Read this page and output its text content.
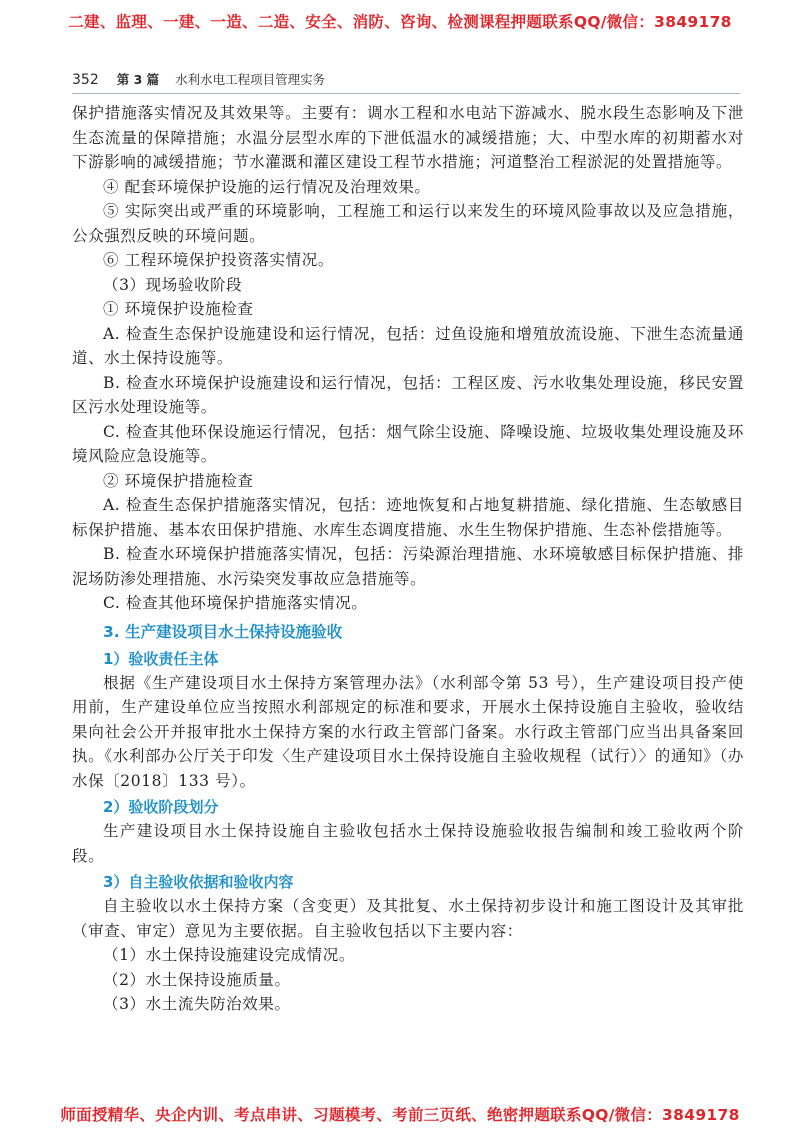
二建、监理、一建、一造、二造、安全、消防、咨询、检测课程押题联系QQ/微信：3849178
352 第 3 篇 水利水电工程项目管理实务

保护措施落实情况及其效果等。主要有：调水工程和水电站下游减水、脱水段生态影响及下泄生态流量的保障措施；水温分层型水库的下泄低温水的减缓措施；大、中型水库的初期蓄水对下游影响的减缓措施；节水灌溉和灌区建设工程节水措施；河道整治工程淤泥的处置措施等。

④ 配套环境保护设施的运行情况及治理效果。

⑤ 实际突出或严重的环境影响，工程施工和运行以来发生的环境风险事故以及应急措施，公众强烈反映的环境问题。

⑥ 工程环境保护投资落实情况。

（3）现场验收阶段

① 环境保护设施检查

A. 检查生态保护设施建设和运行情况，包括：过鱼设施和增殖放流设施、下泄生态流量通道、水土保持设施等。

B. 检查水环境保护设施建设和运行情况，包括：工程区废、污水收集处理设施，移民安置区污水处理设施等。

C. 检查其他环保设施运行情况，包括：烟气除尘设施、降噪设施、垃圾收集处理设施及环境风险应急设施等。

② 环境保护措施检查

A. 检查生态保护措施落实情况，包括：迹地恢复和占地复耕措施、绿化措施、生态敏感目标保护措施、基本农田保护措施、水库生态调度措施、水生生物保护措施、生态补偿措施等。

B. 检查水环境保护措施落实情况，包括：污染源治理措施、水环境敏感目标保护措施、排泥场防渗处理措施、水污染突发事故应急措施等。

C. 检查其他环境保护措施落实情况。

3. 生产建设项目水土保持设施验收
1）验收责任主体

根据《生产建设项目水土保持方案管理办法》（水利部令第 53 号），生产建设项目投产使用前，生产建设单位应当按照水利部规定的标准和要求，开展水土保持设施自主验收，验收结果向社会公开并报审批水土保持方案的水行政主管部门备案。水行政主管部门应当出具备案回执。《水利部办公厅关于印发〈生产建设项目水土保持设施自主验收规程（试行）〉的通知》（办水保〔2018〕133 号）。

2）验收阶段划分

生产建设项目水土保持设施自主验收包括水土保持设施验收报告编制和竣工验收两个阶段。

3）自主验收依据和验收内容

自主验收以水土保持方案（含变更）及其批复、水土保持初步设计和施工图设计及其审批（审查、审定）意见为主要依据。自主验收包括以下主要内容：

（1）水土保持设施建设完成情况。

（2）水土保持设施质量。

（3）水土流失防治效果。

师面授精华、央企内训、考点串讲、习题模考、考前三页纸、绝密押题联系QQ/微信：3849178
